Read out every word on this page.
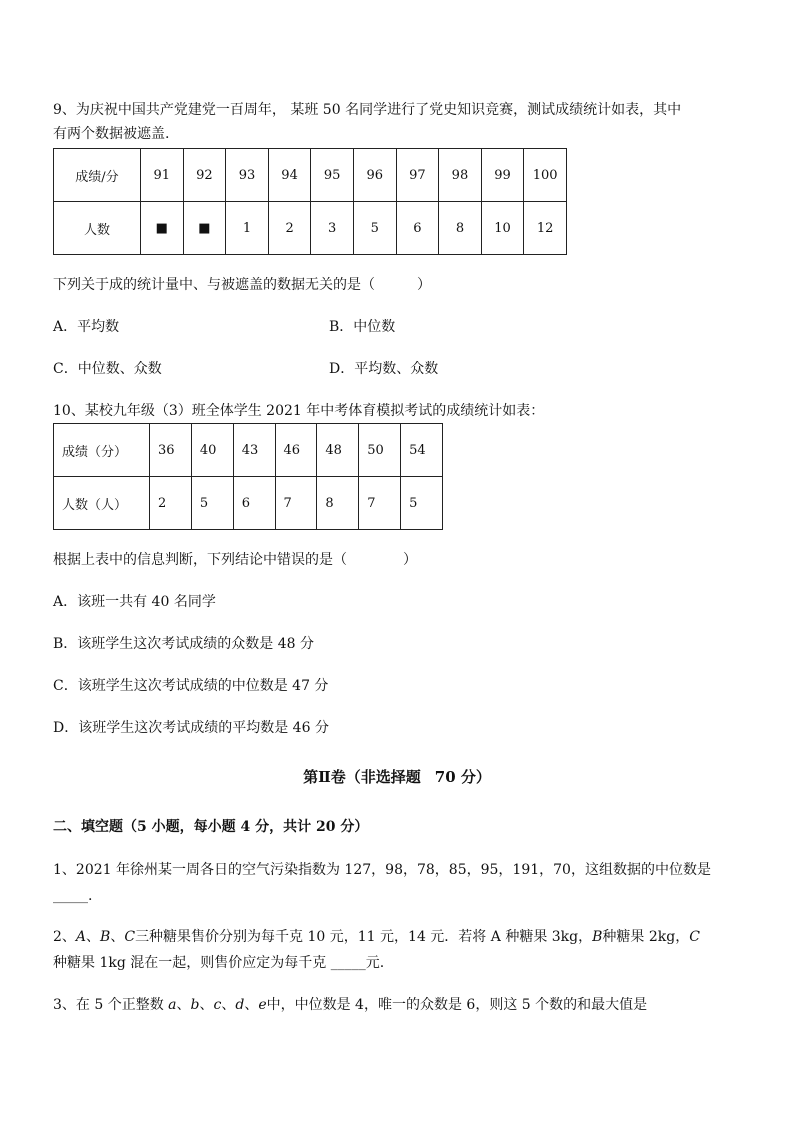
9、为庆祝中国共产党建党一百周年， 某班 50 名同学进行了党史知识竞赛，测试成绩统计如表，其中
有两个数据被遮盖.
成绩/分	91	92	93	94	95	96	97	98	99	100
人数	■	■	1	2	3	5	6	8	10	12
下列关于成的统计量中、与被遮盖的数据无关的是（　　　）
A．平均数	B．中位数
C．中位数、众数	D．平均数、众数
10、某校九年级（3）班全体学生 2021 年中考体育模拟考试的成绩统计如表：
成绩（分）	36	40	43	46	48	50	54
人数（人）	2	5	6	7	8	7	5
根据上表中的信息判断，下列结论中错误的是（　　　　）
A．该班一共有 40 名同学
B．该班学生这次考试成绩的众数是 48 分
C．该班学生这次考试成绩的中位数是 47 分
D．该班学生这次考试成绩的平均数是 46 分
第Ⅱ卷（非选择题 70 分）
二、填空题（5 小题，每小题 4 分，共计 20 分）
1、2021 年徐州某一周各日的空气污染指数为 127，98，78，85，95，191，70，这组数据的中位数是
_____.
2、A、B、C三种糖果售价分别为每千克 10 元，11 元，14 元．若将 A 种糖果 3kg，B种糖果 2kg，C
种糖果 1kg 混在一起，则售价应定为每千克 _____元.
3、在 5 个正整数 a、b、c、d、e中，中位数是 4，唯一的众数是 6，则这 5 个数的和最大值是
